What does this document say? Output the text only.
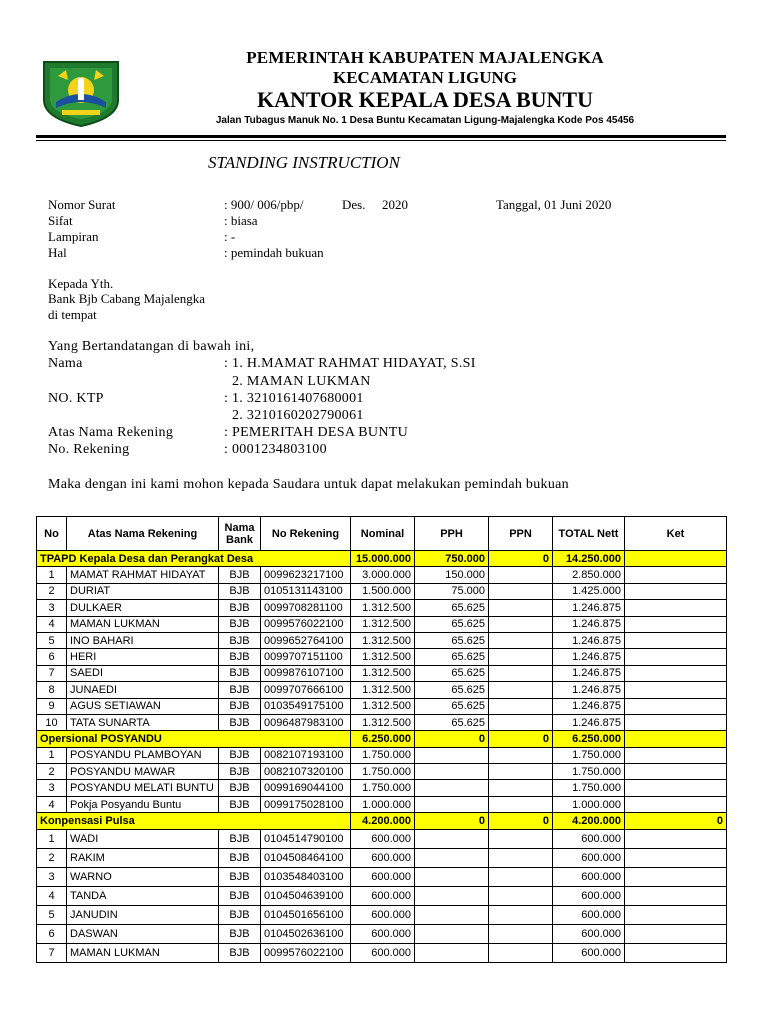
PEMERINTAH KABUPATEN MAJALENGKA
KECAMATAN LIGUNG
KANTOR KEPALA DESA BUNTU
Jalan Tubagus Manuk No. 1 Desa Buntu Kecamatan Ligung-Majalengka Kode Pos 45456
STANDING INSTRUCTION
Nomor Surat	: 900/ 006/pbp/	Des. 2020	Tanggal, 01 Juni 2020
Sifat	: biasa
Lampiran	: -
Hal	: pemindah bukuan
Kepada Yth.
Bank Bjb Cabang Majalengka
di tempat
Yang Bertandatangan di bawah ini,
Nama	: 1. H.MAMAT RAHMAT HIDAYAT, S.SI
2. MAMAN LUKMAN
NO. KTP	: 1. 3210161407680001
2. 3210160202790061
Atas Nama Rekening	: PEMERITAH DESA BUNTU
No. Rekening	: 0001234803100
Maka dengan ini kami mohon kepada Saudara untuk dapat melakukan pemindah bukuan
No	Atas Nama Rekening	Nama Bank	No Rekening	Nominal	PPH	PPN	TOTAL Nett	Ket
TPAPD Kepala Desa dan Perangkat Desa				15.000.000	750.000	0	14.250.000	
1	MAMAT RAHMAT HIDAYAT	BJB	0099623217100	3.000.000	150.000		2.850.000	
2	DURIAT	BJB	0105131143100	1.500.000	75.000		1.425.000	
3	DULKAER	BJB	0099708281100	1.312.500	65.625		1.246.875	
4	MAMAN LUKMAN	BJB	0099576022100	1.312.500	65.625		1.246.875	
5	INO BAHARI	BJB	0099652764100	1.312.500	65.625		1.246.875	
6	HERI	BJB	0099707151100	1.312.500	65.625		1.246.875	
7	SAEDI	BJB	0099876107100	1.312.500	65.625		1.246.875	
8	JUNAEDI	BJB	0099707666100	1.312.500	65.625		1.246.875	
9	AGUS SETIAWAN	BJB	0103549175100	1.312.500	65.625		1.246.875	
10	TATA SUNARTA	BJB	0096487983100	1.312.500	65.625		1.246.875	
Opersional POSYANDU				6.250.000	0	0	6.250.000	
1	POSYANDU PLAMBOYAN	BJB	0082107193100	1.750.000			1.750.000	
2	POSYANDU MAWAR	BJB	0082107320100	1.750.000			1.750.000	
3	POSYANDU MELATI BUNTU	BJB	0099169044100	1.750.000			1.750.000	
4	Pokja Posyandu Buntu	BJB	0099175028100	1.000.000			1.000.000	
Konpensasi Pulsa				4.200.000	0	0	4.200.000	0
1	WADI	BJB	0104514790100	600.000			600.000	
2	RAKIM	BJB	0104508464100	600.000			600.000	
3	WARNO	BJB	0103548403100	600.000			600.000	
4	TANDA	BJB	0104504639100	600.000			600.000	
5	JANUDIN	BJB	0104501656100	600.000			600.000	
6	DASWAN	BJB	0104502636100	600.000			600.000	
7	MAMAN LUKMAN	BJB	0099576022100	600.000			600.000	
